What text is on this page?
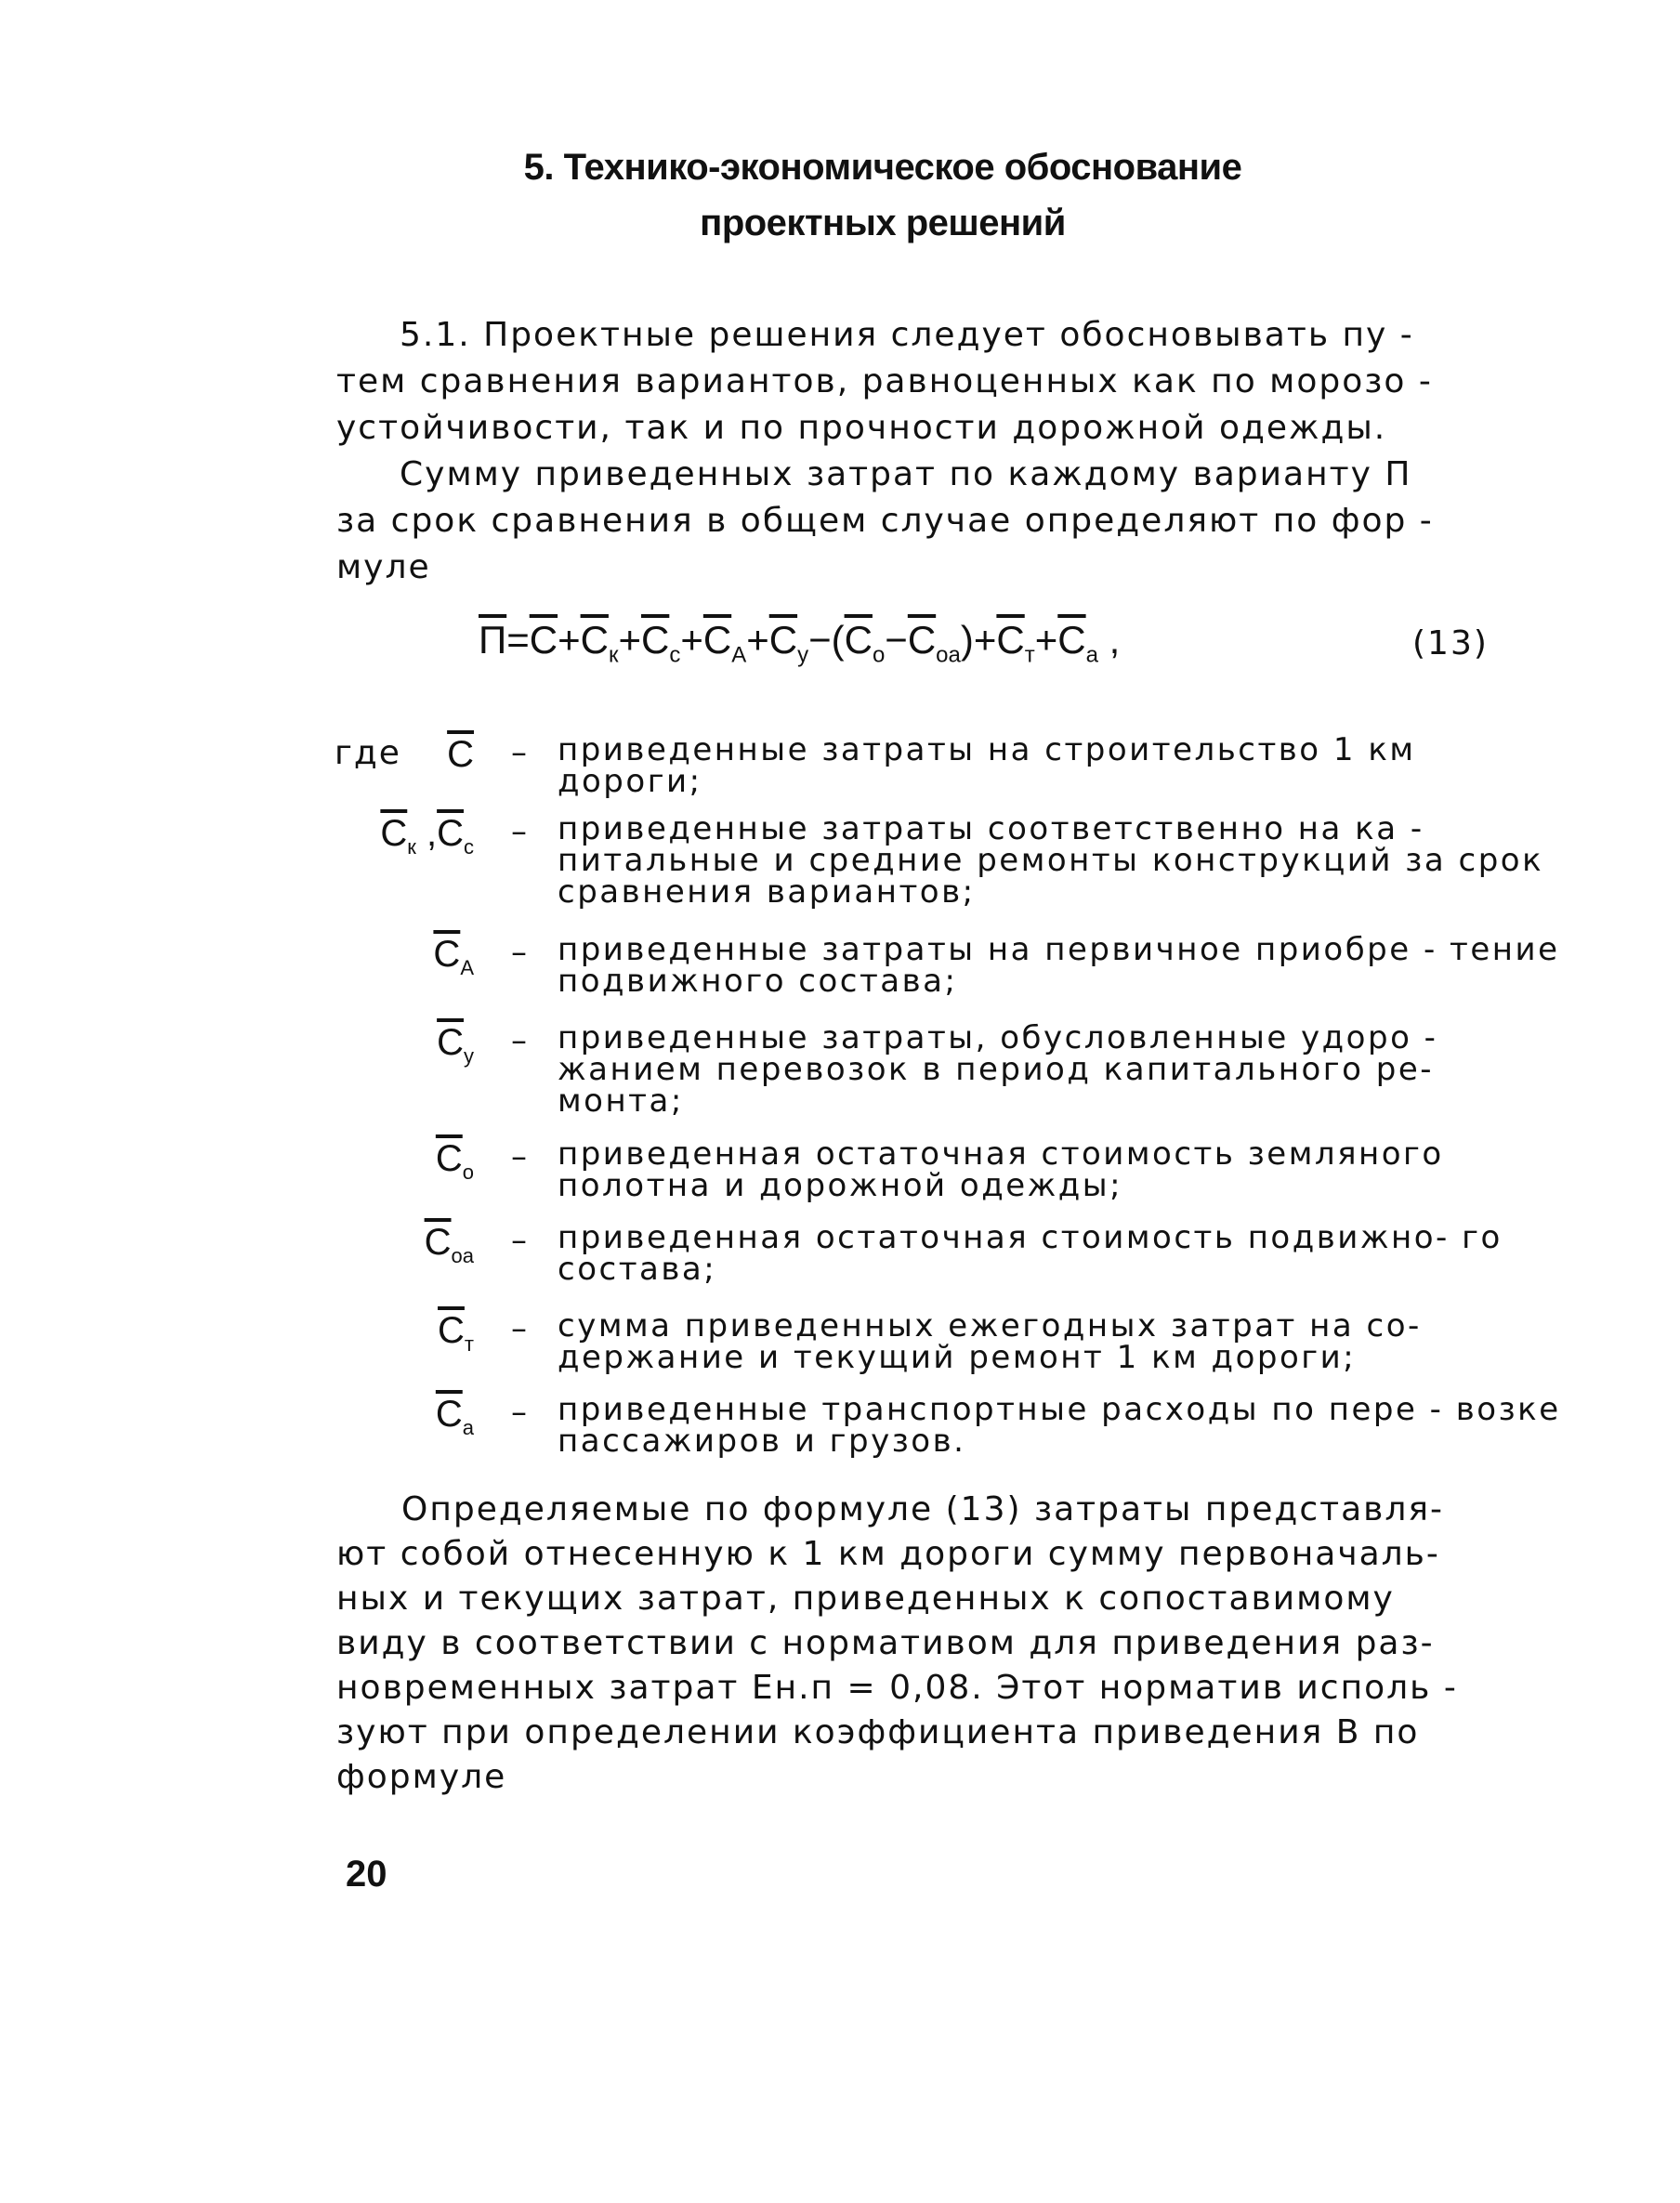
5. Технико-экономическое обоснование
проектных решений
5.1. Проектные решения следует обосновывать пу -
тем сравнения вариантов, равноценных как по морозо -
устойчивости, так и по прочности дорожной одежды.
Сумму приведенных затрат по каждому варианту П
за срок сравнения в общем случае определяют по фор -
муле
$П=С+С_к+С_с+С_А+С_у-(С_о-С_{оа})+С_т+С_а$ ,	(13)
где С – приведенные затраты на строительство 1 км дороги;
$С_к$ $,С_с$ – приведенные затраты соответственно на ка - питальные и средние ремонты конструкций за срок сравнения вариантов;
$С_А$ – приведенные затраты на первичное приобре - тение подвижного состава;
$С_у$ – приведенные затраты, обусловленные удоро - жанием перевозок в период капитального ре- монта;
$С_о$ – приведенная остаточная стоимость земляного полотна и дорожной одежды;
$С_{оа}$ – приведенная остаточная стоимость подвижно- го состава;
$С_т$ – сумма приведенных ежегодных затрат на со- держание и текущий ремонт 1 км дороги;
$С_а$ – приведенные транспортные расходы по пере - возке пассажиров и грузов.
Определяемые по формуле (13) затраты представля-
ют собой отнесенную к 1 км дороги сумму первоначаль-
ных и текущих затрат, приведенных к сопоставимому
виду в соответствии с нормативом для приведения раз-
новременных затрат Ен.п = 0,08. Этот норматив исполь -
зуют при определении коэффициента приведения В по
формуле
20
